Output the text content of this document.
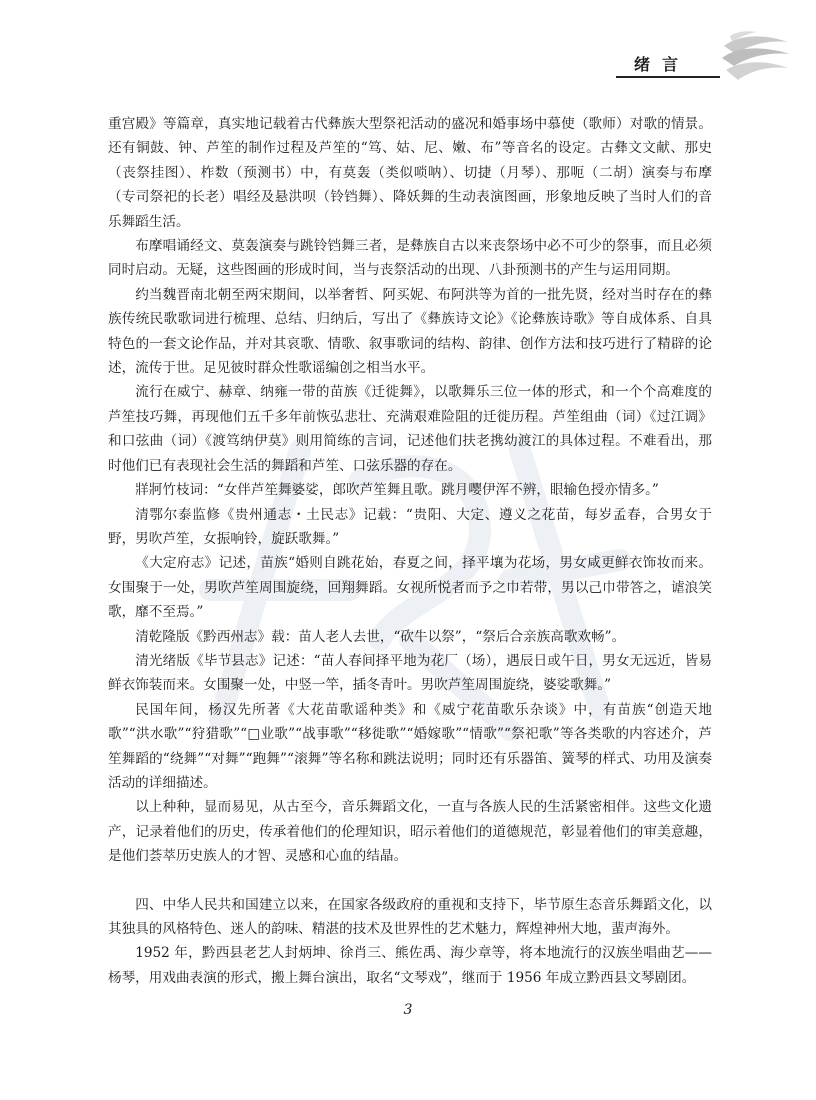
绪言

重宫殿》等篇章，真实地记载着古代彝族大型祭祀活动的盛况和婚事场中慕使（歌师）对歌的情景。还有铜鼓、钟、芦笙的制作过程及芦笙的“笃、姑、尼、嫩、布”等音名的设定。古彝文文献、那史（丧祭挂图）、柞数（预测书）中，有莫轰（类似唢呐）、切捷（月琴）、那呃（二胡）演奏与布摩（专司祭祀的长老）唱经及悬洪呗（铃铛舞）、降妖舞的生动表演图画，形象地反映了当时人们的音乐舞蹈生活。

布摩唱诵经文、莫轰演奏与跳铃铛舞三者，是彝族自古以来丧祭场中必不可少的祭事，而且必须同时启动。无疑，这些图画的形成时间，当与丧祭活动的出现、八卦预测书的产生与运用同期。

约当魏晋南北朝至两宋期间，以举奢哲、阿买妮、布阿洪等为首的一批先贤，经对当时存在的彝族传统民歌歌词进行梳理、总结、归纳后，写出了《彝族诗文论》《论彝族诗歌》等自成体系、自具特色的一套文论作品，并对其哀歌、情歌、叙事歌词的结构、韵律、创作方法和技巧进行了精辟的论述，流传于世。足见彼时群众性歌谣编创之相当水平。

流行在威宁、赫章、纳雍一带的苗族《迁徙舞》，以歌舞乐三位一体的形式，和一个个高难度的芦笙技巧舞，再现他们五千多年前恢弘悲壮、充满艰难险阻的迁徙历程。芦笙组曲（词）《过江调》和口弦曲（词）《渡笃纳伊莫》则用简练的言词，记述他们扶老携幼渡江的具体过程。不难看出，那时他们已有表现社会生活的舞蹈和芦笙、口弦乐器的存在。

牂牁竹枝词：“女伴芦笙舞婆娑，郎吹芦笙舞且歌。跳月嘤伊浑不辨，眼输色授亦情多。”

清鄂尔泰监修《贵州通志・土民志》记载：“贵阳、大定、遵义之花苗，每岁孟春，合男女于野，男吹芦笙，女振响铃，旋跃歌舞。”

《大定府志》记述，苗族“婚则自跳花始，春夏之间，择平壤为花场，男女咸更鲜衣饰妆而来。女围聚于一处，男吹芦笙周围旋绕，回翔舞蹈。女视所悦者而予之巾若带，男以己巾带答之，谑浪笑歌，靡不至焉。”

清乾隆版《黔西州志》载：苗人老人去世，“砍牛以祭”，“祭后合亲族高歌欢畅”。

清光绪版《毕节县志》记述：“苗人春间择平地为花厂（场），遇辰日或午日，男女无远近，皆易鲜衣饰装而来。女围聚一处，中竖一竿，插冬青叶。男吹芦笙周围旋绕，婆娑歌舞。”

民国年间，杨汉先所著《大花苗歌谣种类》和《威宁花苗歌乐杂谈》中，有苗族“创造天地歌”“洪水歌”“狩猎歌”“□业歌”“战事歌”“移徙歌”“婚嫁歌”“情歌”“祭祀歌”等各类歌的内容述介，芦笙舞蹈的“绕舞”“对舞”“跑舞”“滚舞”等名称和跳法说明；同时还有乐器笛、簧琴的样式、功用及演奏活动的详细描述。

以上种种，显而易见，从古至今，音乐舞蹈文化，一直与各族人民的生活紧密相伴。这些文化遗产，记录着他们的历史，传承着他们的伦理知识，昭示着他们的道德规范，彰显着他们的审美意趣，是他们荟萃历史族人的才智、灵感和心血的结晶。

四、中华人民共和国建立以来，在国家各级政府的重视和支持下，毕节原生态音乐舞蹈文化，以其独具的风格特色、迷人的韵味、精湛的技术及世界性的艺术魅力，辉煌神州大地，蜚声海外。

1952 年，黔西县老艺人封炳坤、徐肖三、熊佐禹、海少章等，将本地流行的汉族坐唱曲艺——杨琴，用戏曲表演的形式，搬上舞台演出，取名“文琴戏”，继而于 1956 年成立黔西县文琴剧团。

3
